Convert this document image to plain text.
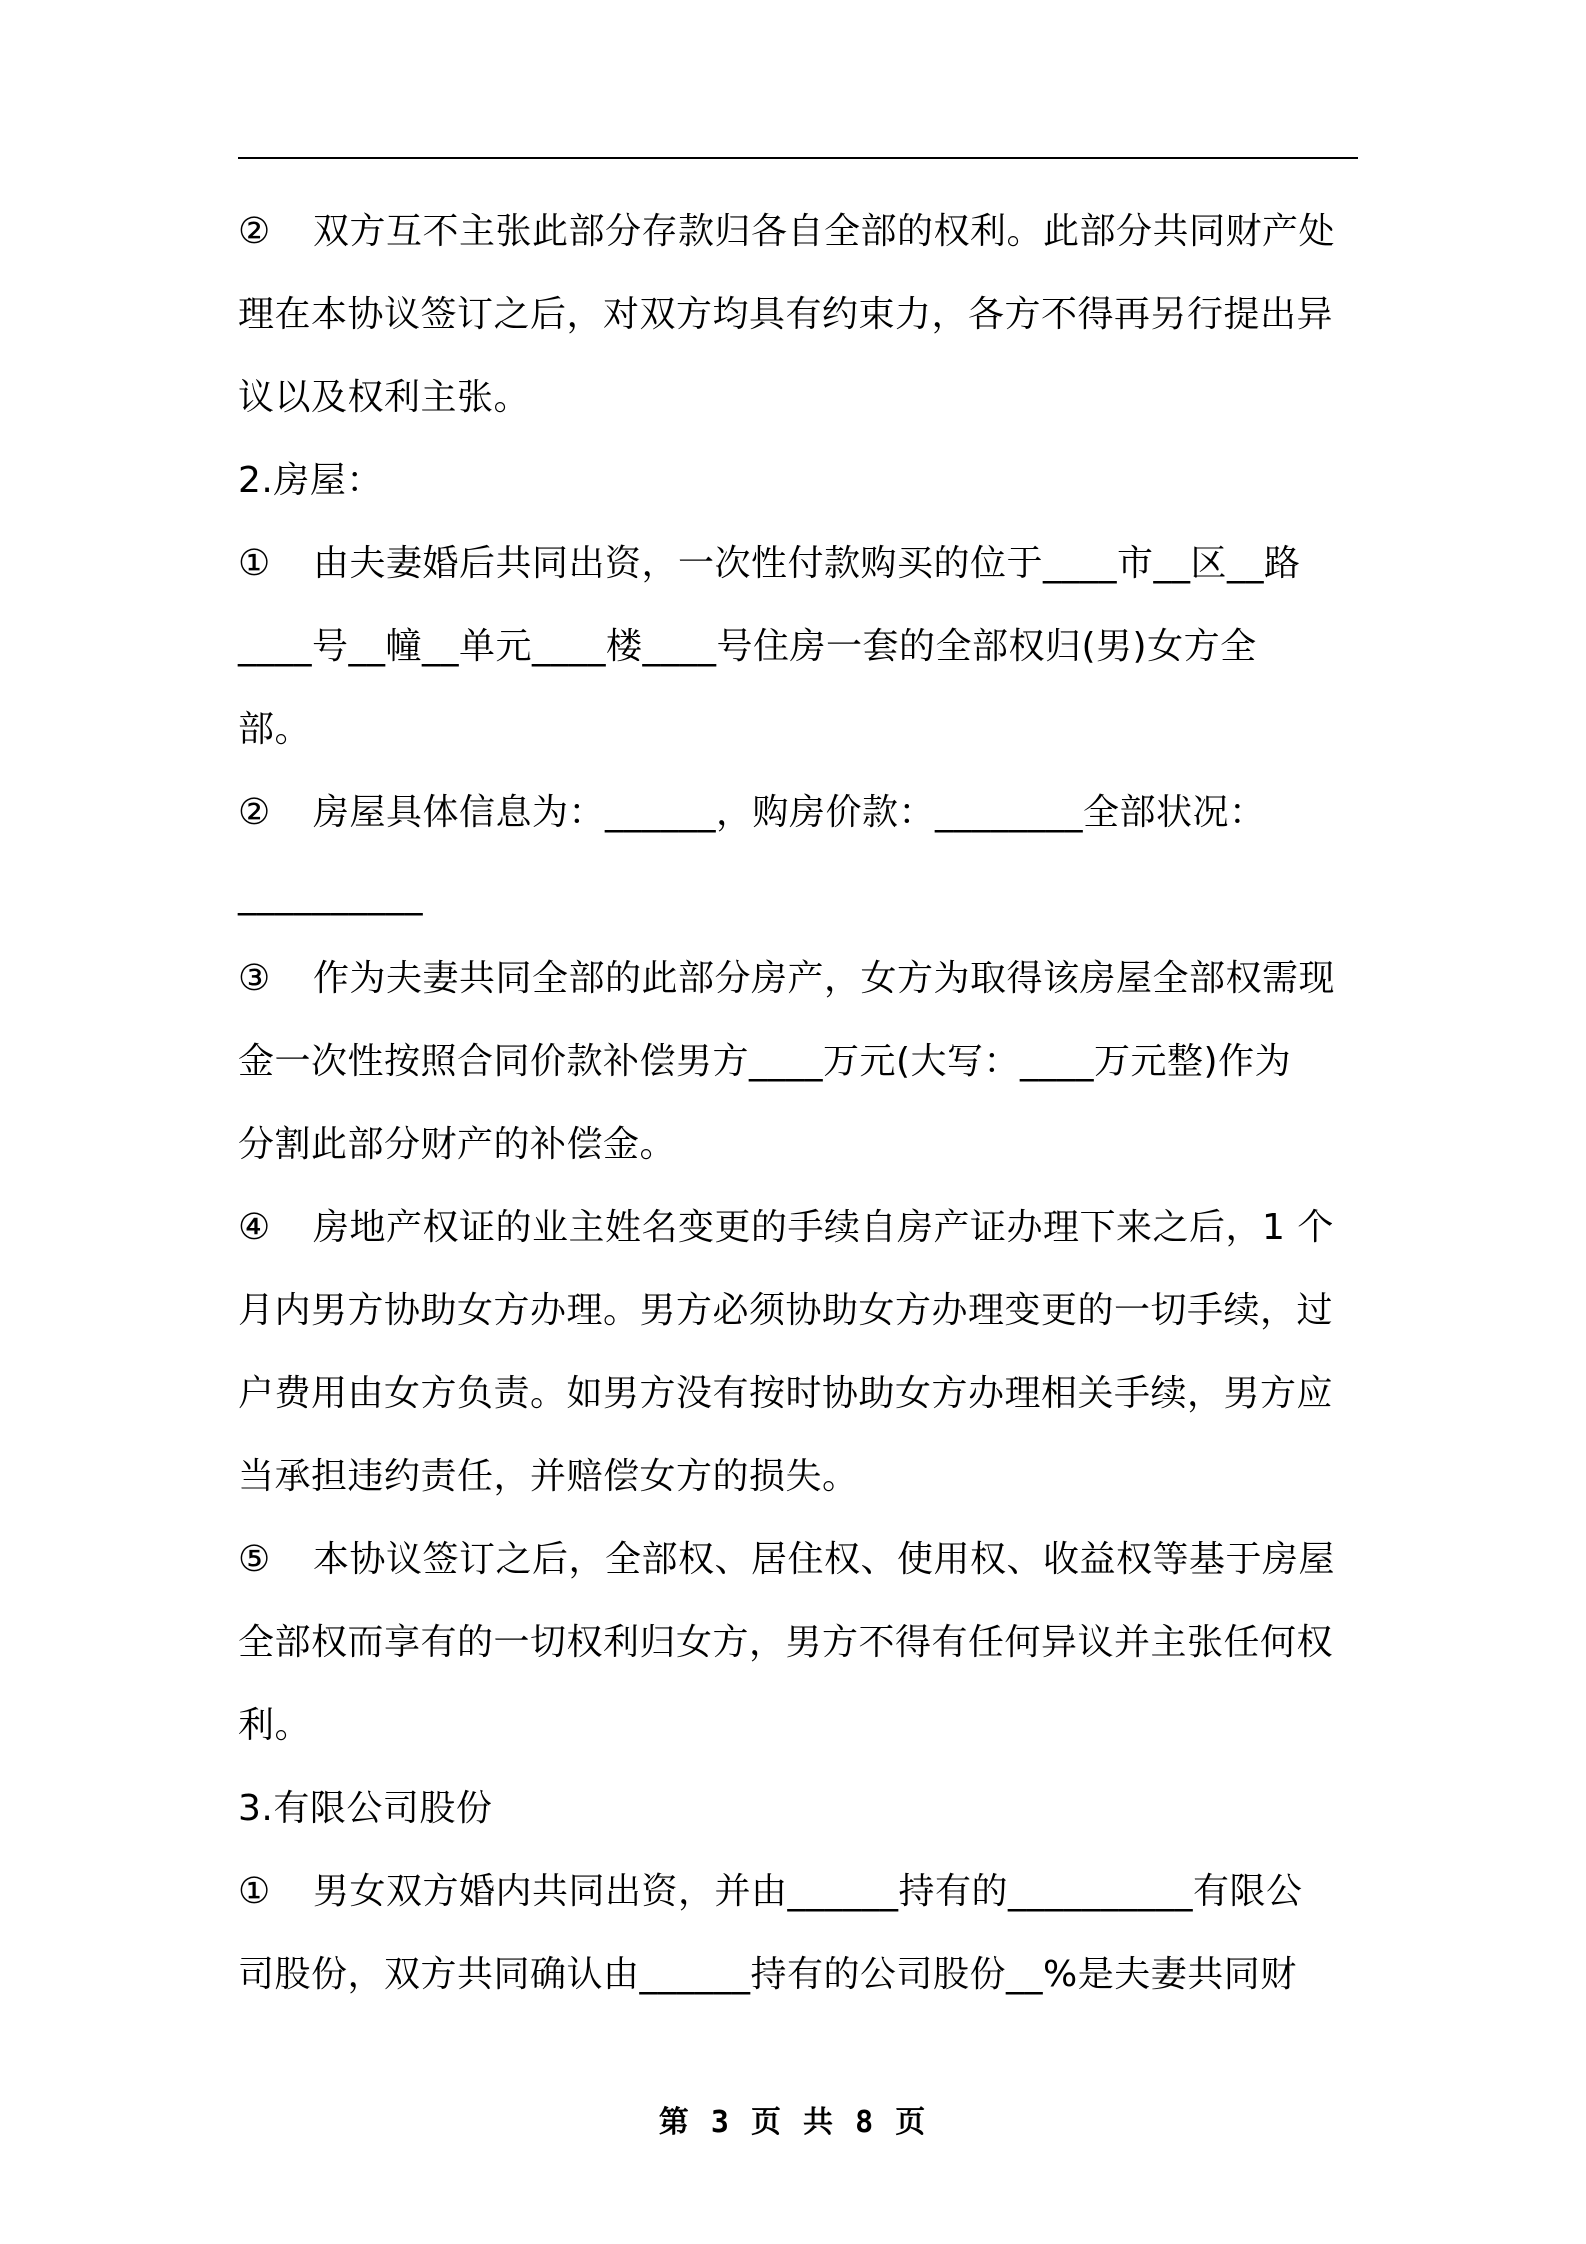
② 双方互不主张此部分存款归各自全部的权利。此部分共同财产处
理在本协议签订之后，对双方均具有约束力，各方不得再另行提出异
议以及权利主张。
2.房屋：
① 由夫妻婚后共同出资，一次性付款购买的位于____市__区__路
____号__幢__单元____楼____号住房一套的全部权归(男)女方全
部。
② 房屋具体信息为：______，购房价款：________全部状况：
__________
③ 作为夫妻共同全部的此部分房产，女方为取得该房屋全部权需现
金一次性按照合同价款补偿男方____万元(大写：____万元整)作为
分割此部分财产的补偿金。
④ 房地产权证的业主姓名变更的手续自房产证办理下来之后，1 个
月内男方协助女方办理。男方必须协助女方办理变更的一切手续，过
户费用由女方负责。如男方没有按时协助女方办理相关手续，男方应
当承担违约责任，并赔偿女方的损失。
⑤ 本协议签订之后，全部权、居住权、使用权、收益权等基于房屋
全部权而享有的一切权利归女方，男方不得有任何异议并主张任何权
利。
3.有限公司股份
① 男女双方婚内共同出资，并由______持有的__________有限公
司股份，双方共同确认由______持有的公司股份__%是夫妻共同财
第 3 页 共 8 页
